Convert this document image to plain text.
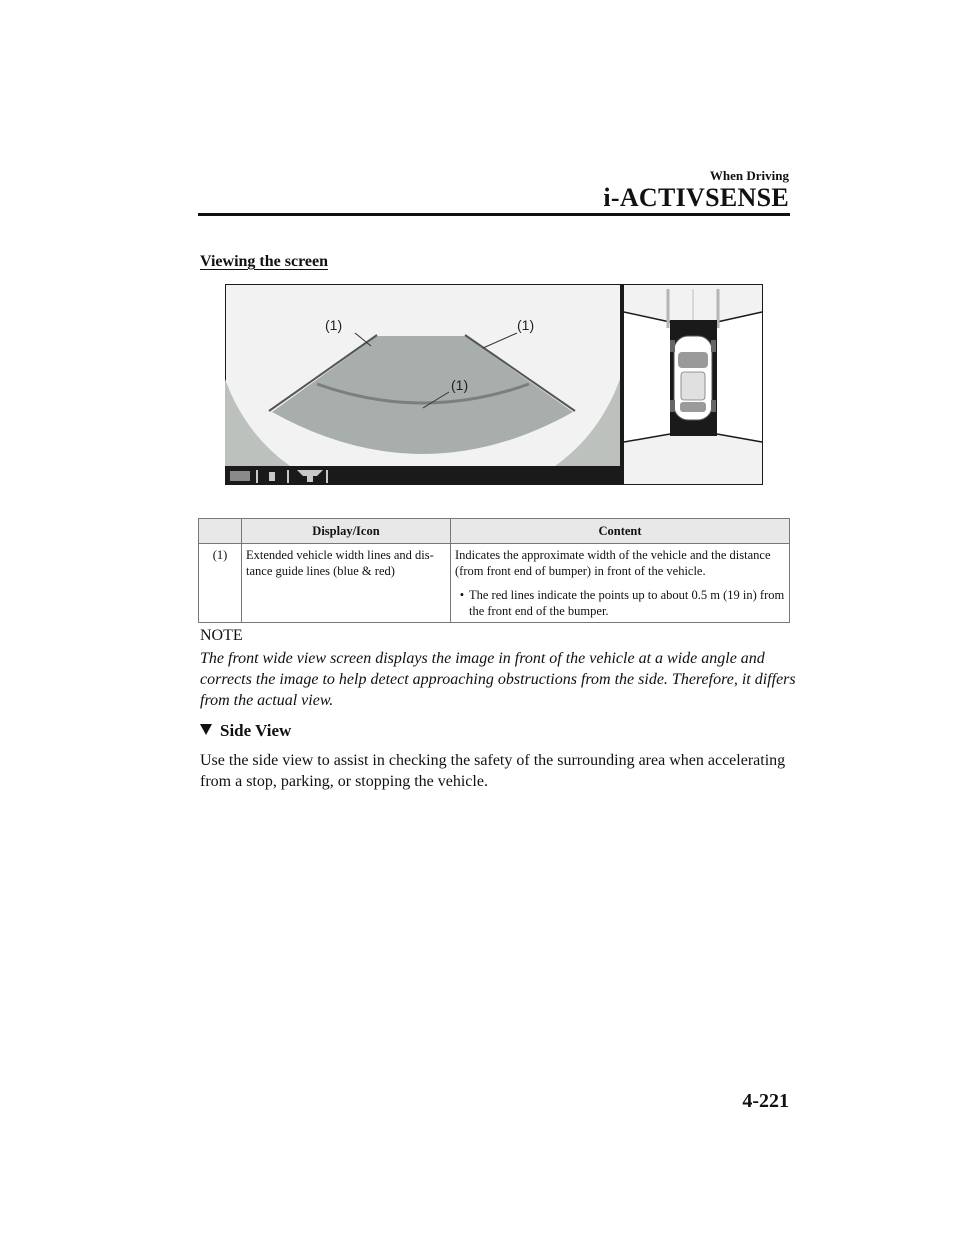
When Driving
i-ACTIVSENSE
Viewing the screen
(1)	(1)
(1)
	Display/Icon	Content
(1)	Extended vehicle width lines and dis-tance guide lines (blue & red)	Indicates the approximate width of the vehicle and the distance (from front end of bumper) in front of the vehicle.
• The red lines indicate the points up to about 0.5 m (19 in) from the front end of the bumper.
NOTE
The front wide view screen displays the image in front of the vehicle at a wide angle and corrects the image to help detect approaching obstructions from the side. Therefore, it differs from the actual view.
Side View
Use the side view to assist in checking the safety of the surrounding area when accelerating from a stop, parking, or stopping the vehicle.
4-221
